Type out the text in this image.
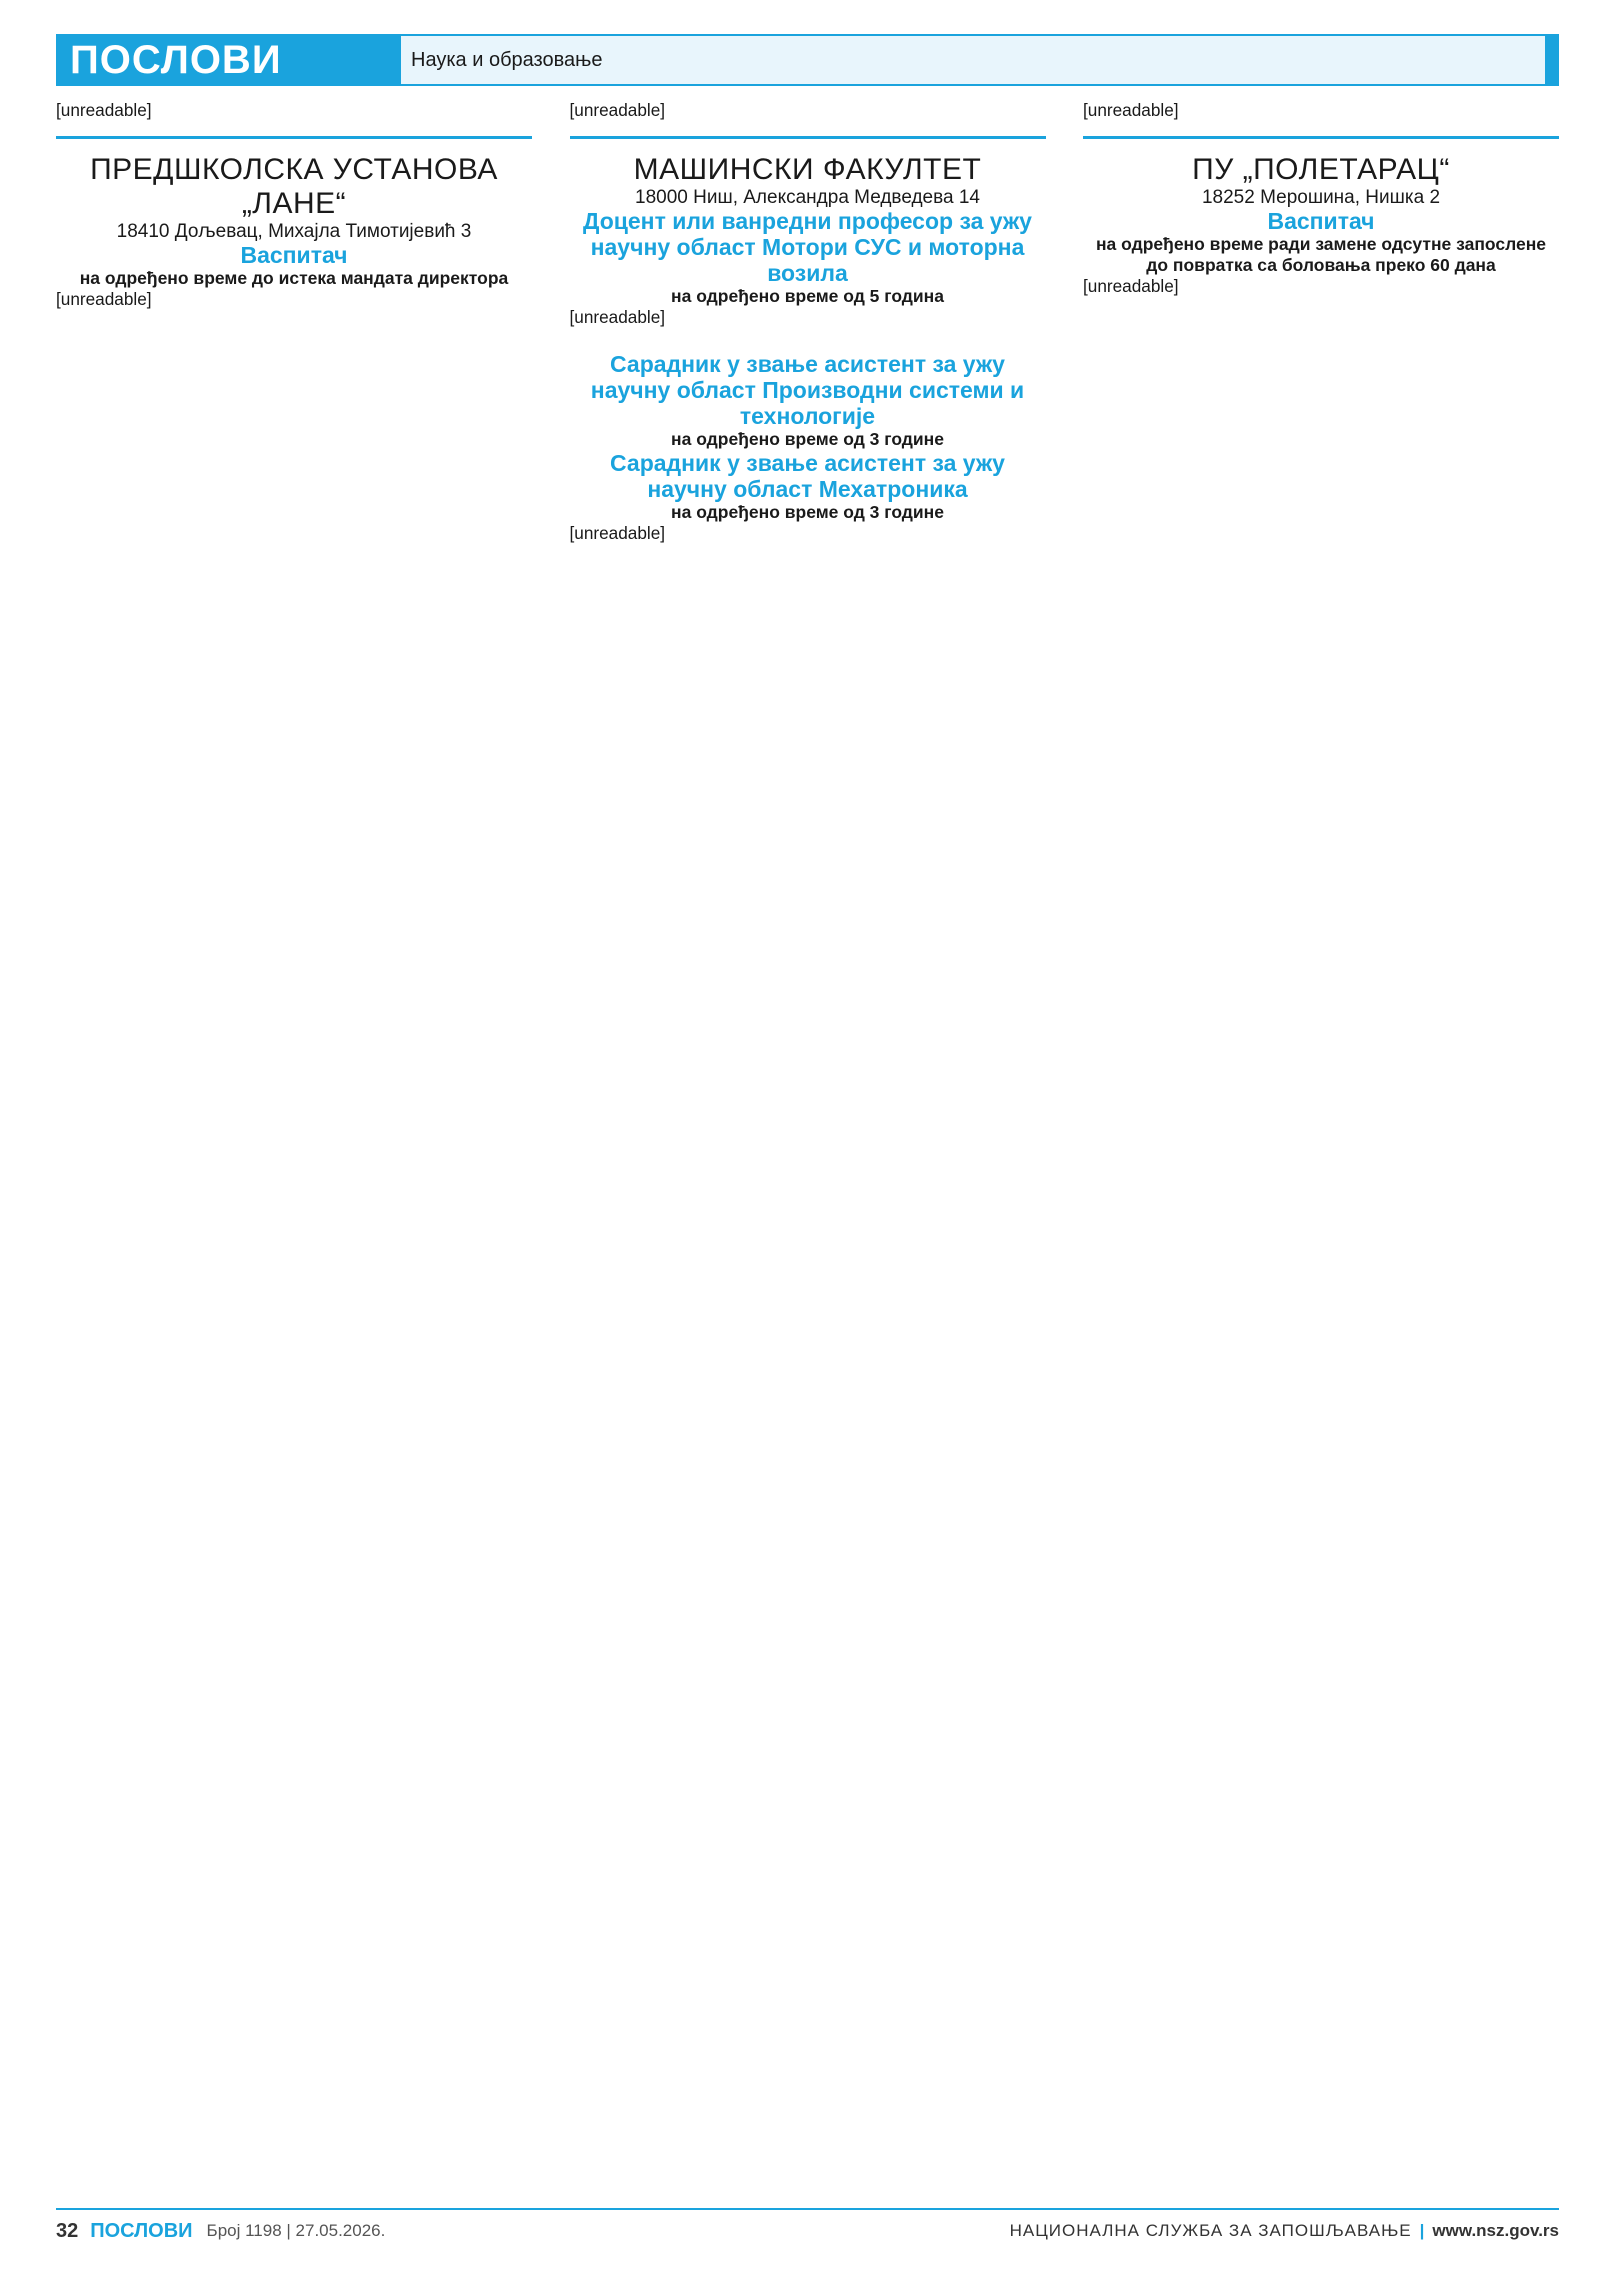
ПОСЛОВИ	Наука и образовање

[unreadable]

ПРЕДШКОЛСКА УСТАНОВА

„ЛАНЕ“

18410 Дољевац, Михајла Тимотијевић 3

Васпитач

на одређено време до истека мандата директора

[unreadable]

[unreadable]

МАШИНСКИ ФАКУЛТЕТ

18000 Ниш, Александра Медведева 14

Доцент или ванредни професор за ужу научну област Мотори СУС и моторна возила

на одређено време од 5 година

[unreadable]

Сарадник у звање асистент за ужу научну област Производни системи и технологије

на одређено време од 3 године

Сарадник у звање асистент за ужу научну област Мехатроника

на одређено време од 3 године

[unreadable]

[unreadable]

ПУ „ПОЛЕТАРАЦ“

18252 Мерошина, Нишка 2

Васпитач

на одређено време ради замене одсутне запослене до повратка са боловања преко 60 дана

[unreadable]

32 ПОСЛОВИ Број 1198 | 27.05.2026.	НАЦИОНАЛНА СЛУЖБА ЗА ЗАПОШЉАВАЊЕ | www.nsz.gov.rs
